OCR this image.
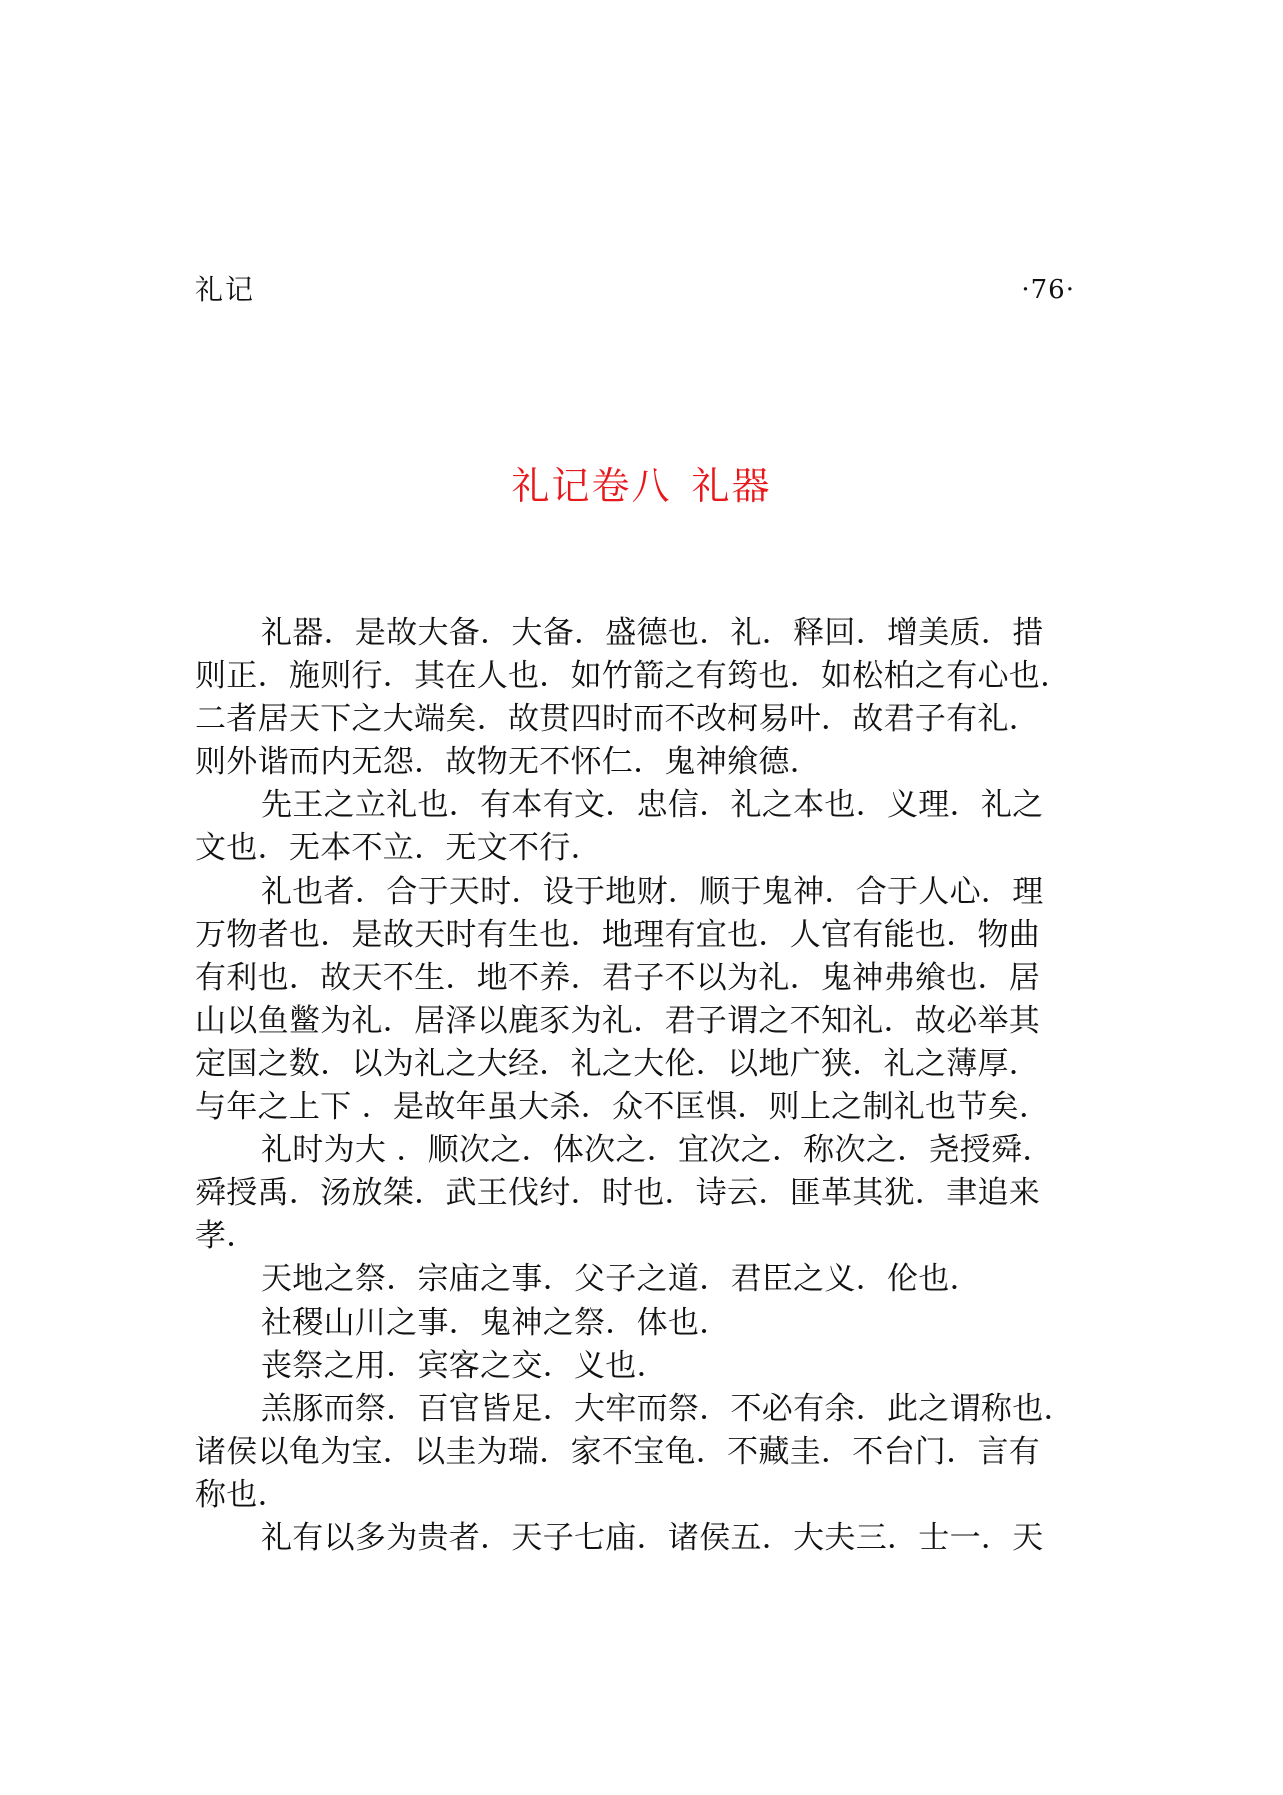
礼记	·76·
礼记卷八 礼器
礼器．是故大备．大备．盛德也．礼．释回．增美质．措
则正．施则行．其在人也．如竹箭之有筠也．如松柏之有心也．
二者居天下之大端矣．故贯四时而不改柯易叶．故君子有礼．
则外谐而内无怨．故物无不怀仁．鬼神飨德．
先王之立礼也．有本有文．忠信．礼之本也．义理．礼之
文也．无本不立．无文不行．
礼也者．合于天时．设于地财．顺于鬼神．合于人心．理
万物者也．是故天时有生也．地理有宜也．人官有能也．物曲
有利也．故天不生．地不养．君子不以为礼．鬼神弗飨也．居
山以鱼鳖为礼．居泽以鹿豕为礼．君子谓之不知礼．故必举其
定国之数．以为礼之大经．礼之大伦．以地广狭．礼之薄厚．
与年之上下 ．是故年虽大杀．众不匡惧．则上之制礼也节矣．
礼时为大 ．顺次之．体次之．宜次之．称次之．尧授舜．
舜授禹．汤放桀．武王伐纣．时也．诗云．匪革其犹．聿追来
孝．
天地之祭．宗庙之事．父子之道．君臣之义．伦也．
社稷山川之事．鬼神之祭．体也．
丧祭之用．宾客之交．义也．
羔豚而祭．百官皆足．大牢而祭．不必有余．此之谓称也．
诸侯以龟为宝．以圭为瑞．家不宝龟．不藏圭．不台门．言有
称也．
礼有以多为贵者．天子七庙．诸侯五．大夫三．士一．天
